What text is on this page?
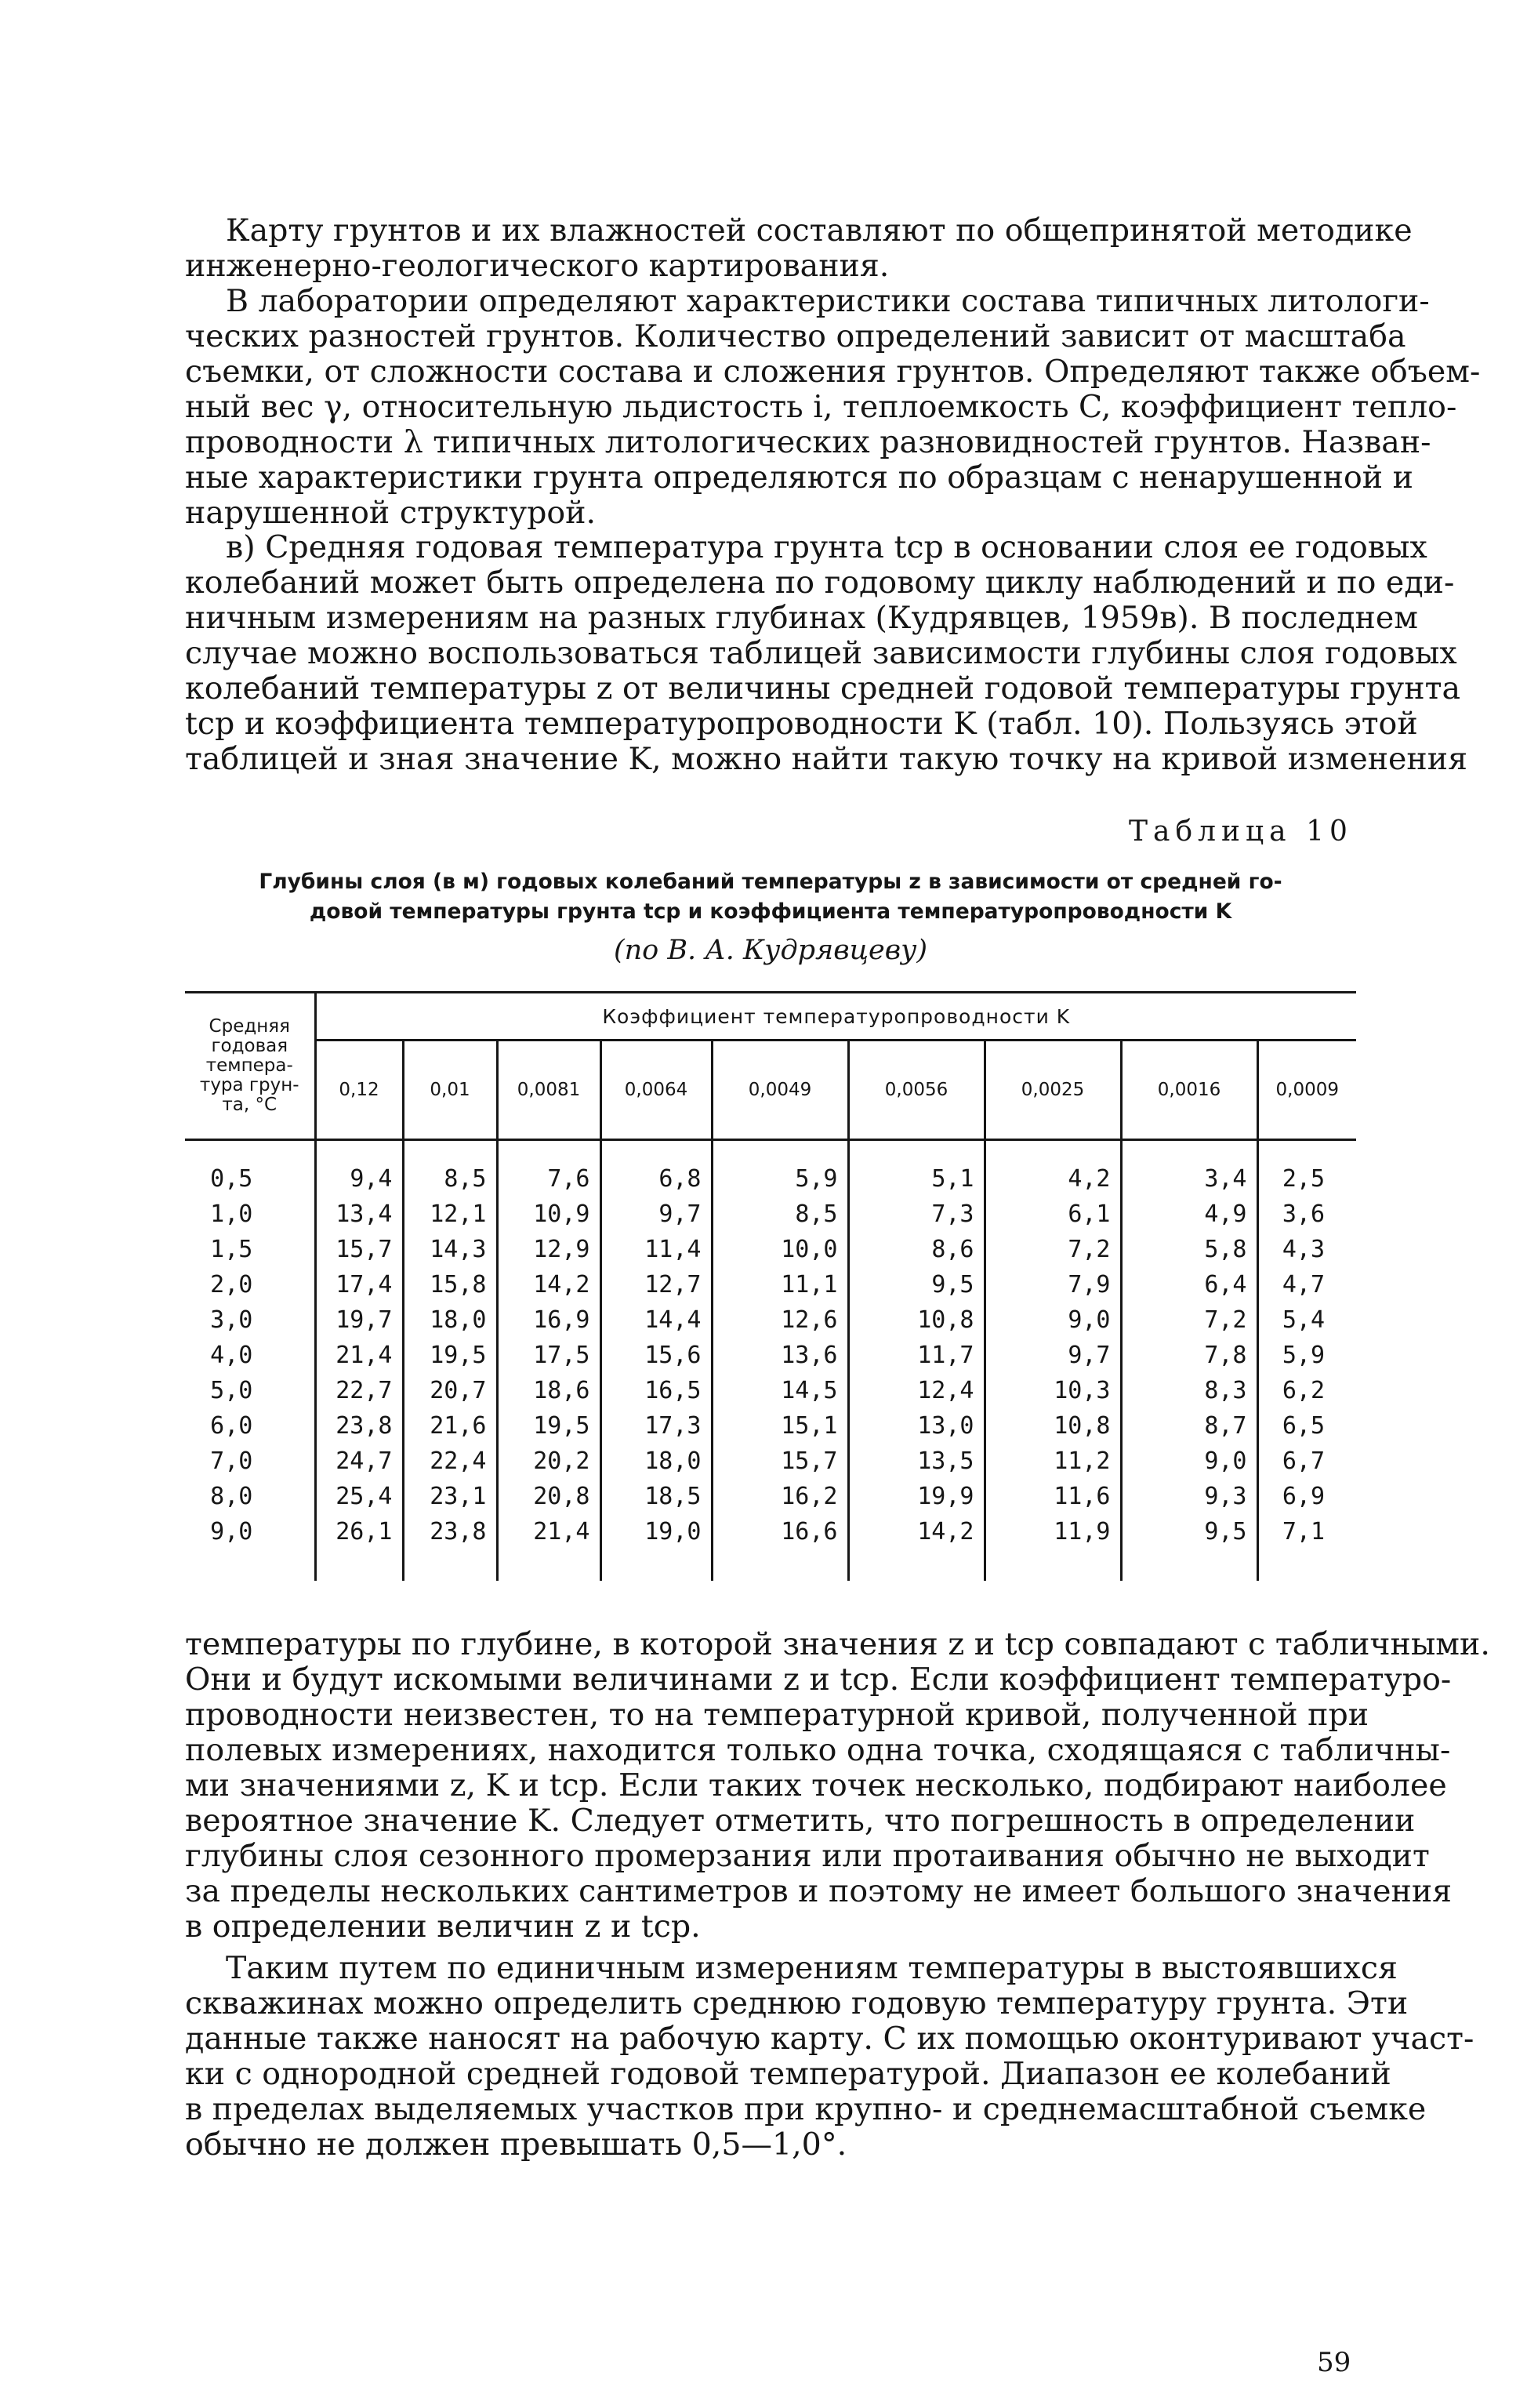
Карту грунтов и их влажностей составляют по общепринятой методике
инженерно-геологического картирования.
В лаборатории определяют характеристики состава типичных литологи-
ческих разностей грунтов. Количество определений зависит от масштаба
съемки, от сложности состава и сложения грунтов. Определяют также объем-
ный вес γ, относительную льдистость i, теплоемкость C, коэффициент тепло-
проводности λ типичных литологических разновидностей грунтов. Назван-
ные характеристики грунта определяются по образцам с ненарушенной и
нарушенной структурой.
в) Средняя годовая температура грунта tср в основании слоя ее годовых
колебаний может быть определена по годовому циклу наблюдений и по еди-
ничным измерениям на разных глубинах (Кудрявцев, 1959в). В последнем
случае можно воспользоваться таблицей зависимости глубины слоя годовых
колебаний температуры z от величины средней годовой температуры грунта
tср и коэффициента температуропроводности K (табл. 10). Пользуясь этой
таблицей и зная значение K, можно найти такую точку на кривой изменения
Таблица 10
Глубины слоя (в м) годовых колебаний температуры z в зависимости от средней го-
довой температуры грунта tср и коэффициента температуропроводности K
(по В. А. Кудрявцеву)
Средняя
годовая
темпера-
тура грун-
та, °С	Коэффициент температуропроводности K								
	0,12	0,01	0,0081	0,0064	0,0049	0,0056	0,0025	0,0016	0,0009
0,5	9,4	8,5	7,6	6,8	5,9	5,1	4,2	3,4	2,5
1,0	13,4	12,1	10,9	9,7	8,5	7,3	6,1	4,9	3,6
1,5	15,7	14,3	12,9	11,4	10,0	8,6	7,2	5,8	4,3
2,0	17,4	15,8	14,2	12,7	11,1	9,5	7,9	6,4	4,7
3,0	19,7	18,0	16,9	14,4	12,6	10,8	9,0	7,2	5,4
4,0	21,4	19,5	17,5	15,6	13,6	11,7	9,7	7,8	5,9
5,0	22,7	20,7	18,6	16,5	14,5	12,4	10,3	8,3	6,2
6,0	23,8	21,6	19,5	17,3	15,1	13,0	10,8	8,7	6,5
7,0	24,7	22,4	20,2	18,0	15,7	13,5	11,2	9,0	6,7
8,0	25,4	23,1	20,8	18,5	16,2	19,9	11,6	9,3	6,9
9,0	26,1	23,8	21,4	19,0	16,6	14,2	11,9	9,5	7,1
температуры по глубине, в которой значения z и tср совпадают с табличными.
Они и будут искомыми величинами z и tср. Если коэффициент температуро-
проводности неизвестен, то на температурной кривой, полученной при
полевых измерениях, находится только одна точка, сходящаяся с табличны-
ми значениями z, K и tср. Если таких точек несколько, подбирают наиболее
вероятное значение K. Следует отметить, что погрешность в определении
глубины слоя сезонного промерзания или протаивания обычно не выходит
за пределы нескольких сантиметров и поэтому не имеет большого значения
в определении величин z и tср.
Таким путем по единичным измерениям температуры в выстоявшихся
скважинах можно определить среднюю годовую температуру грунта. Эти
данные также наносят на рабочую карту. С их помощью оконтуривают участ-
ки с однородной средней годовой температурой. Диапазон ее колебаний
в пределах выделяемых участков при крупно- и среднемасштабной съемке
обычно не должен превышать 0,5—1,0°.
59
